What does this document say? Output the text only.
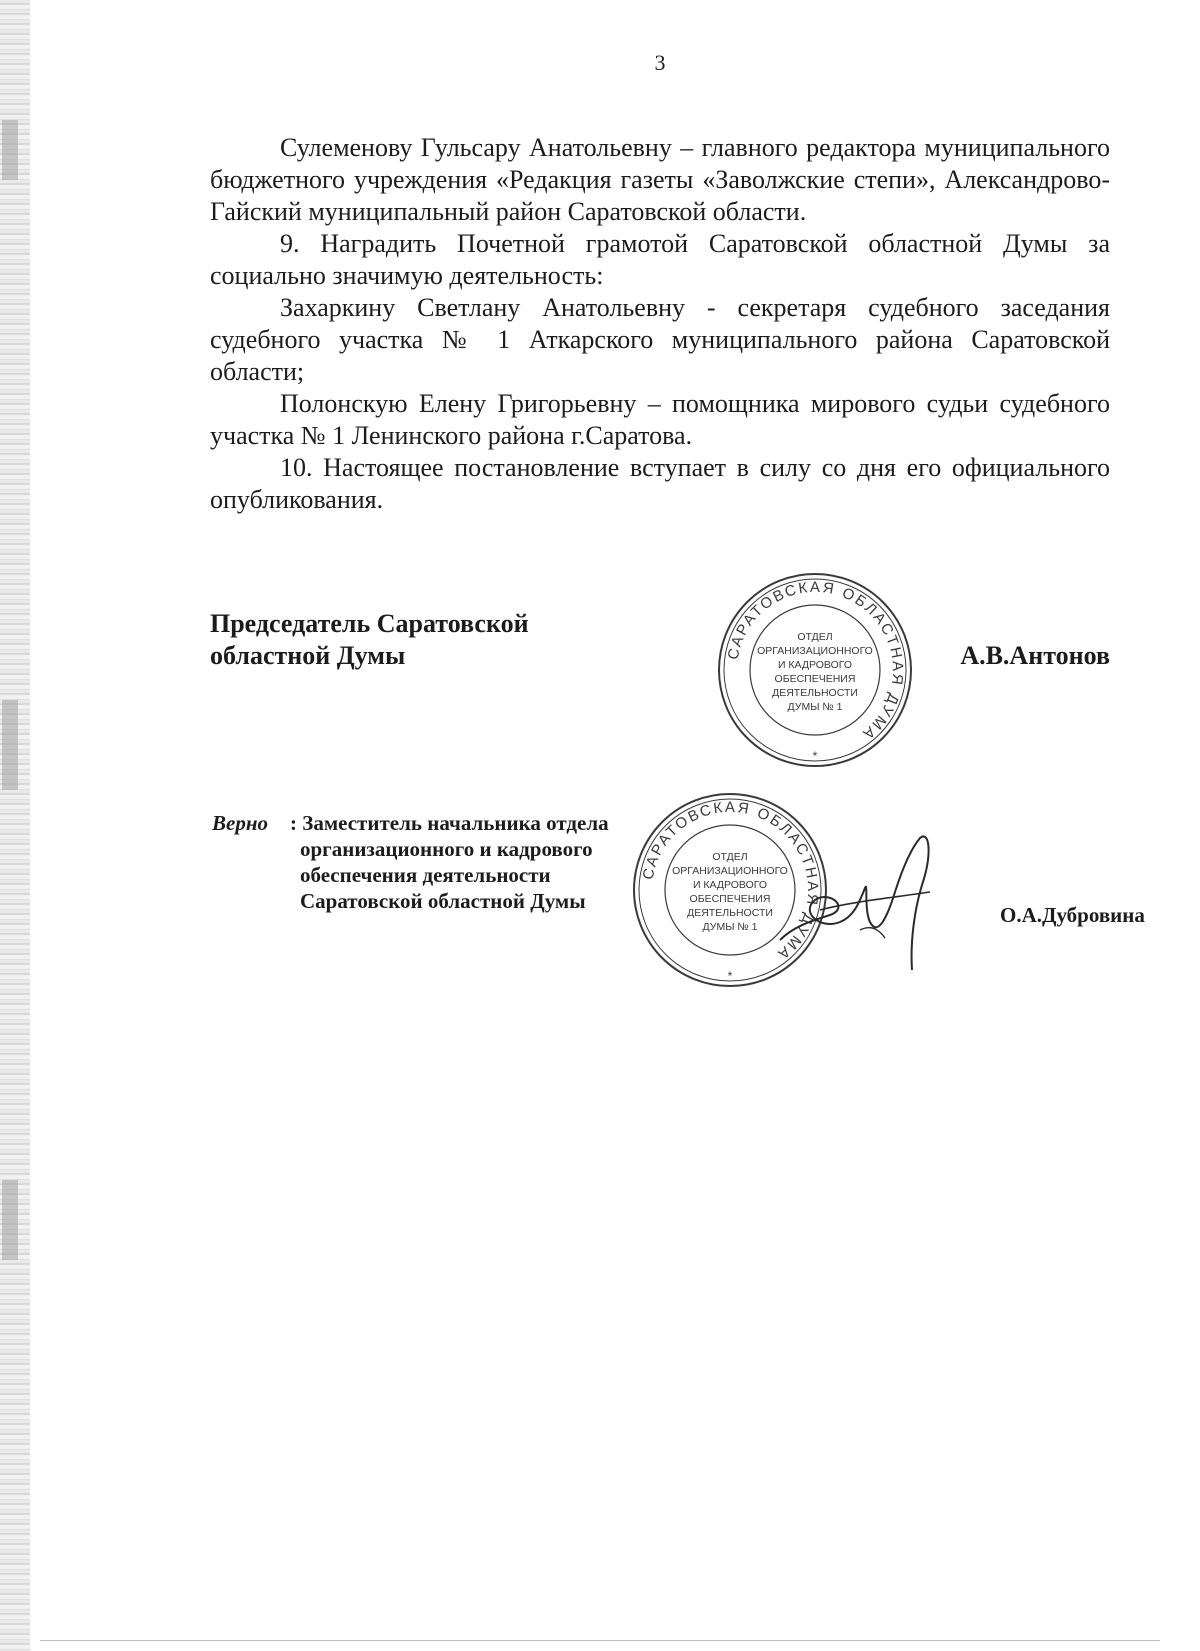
3

Сулеменову Гульсару Анатольевну – главного редактора муниципального бюджетного учреждения «Редакция газеты «Заволжские степи», Александрово-Гайский муниципальный район Саратовской области.

9. Наградить Почетной грамотой Саратовской областной Думы за социально значимую деятельность:

Захаркину Светлану Анатольевну - секретаря судебного заседания судебного участка № 1 Аткарского муниципального района Саратовской области;

Полонскую Елену Григорьевну – помощника мирового судьи судебного участка № 1 Ленинского района г.Саратова.

10. Настоящее постановление вступает в силу со дня его официального опубликования.

Председатель Саратовской
областной Думы	САРАТОВСКАЯ ОБЛАСТНАЯ ДУМА
ОТДЕЛ
ОРГАНИЗАЦИОННОГО
И КАДРОВОГО
ОБЕСПЕЧЕНИЯ
ДЕЯТЕЛЬНОСТИ
ДУМЫ № 1
*
А.В.Антонов
САРАТОВСКАЯ ОБЛАСТНАЯ ДУМА
ОТДЕЛ
ОРГАНИЗАЦИОННОГО
И КАДРОВОГО
ОБЕСПЕЧЕНИЯ
ДЕЯТЕЛЬНОСТИ
ДУМЫ № 1
*
Верно : Заместитель начальника отдела
организационного и кадрового
обеспечения деятельности
Саратовской областной Думы
О.А.Дубровина
